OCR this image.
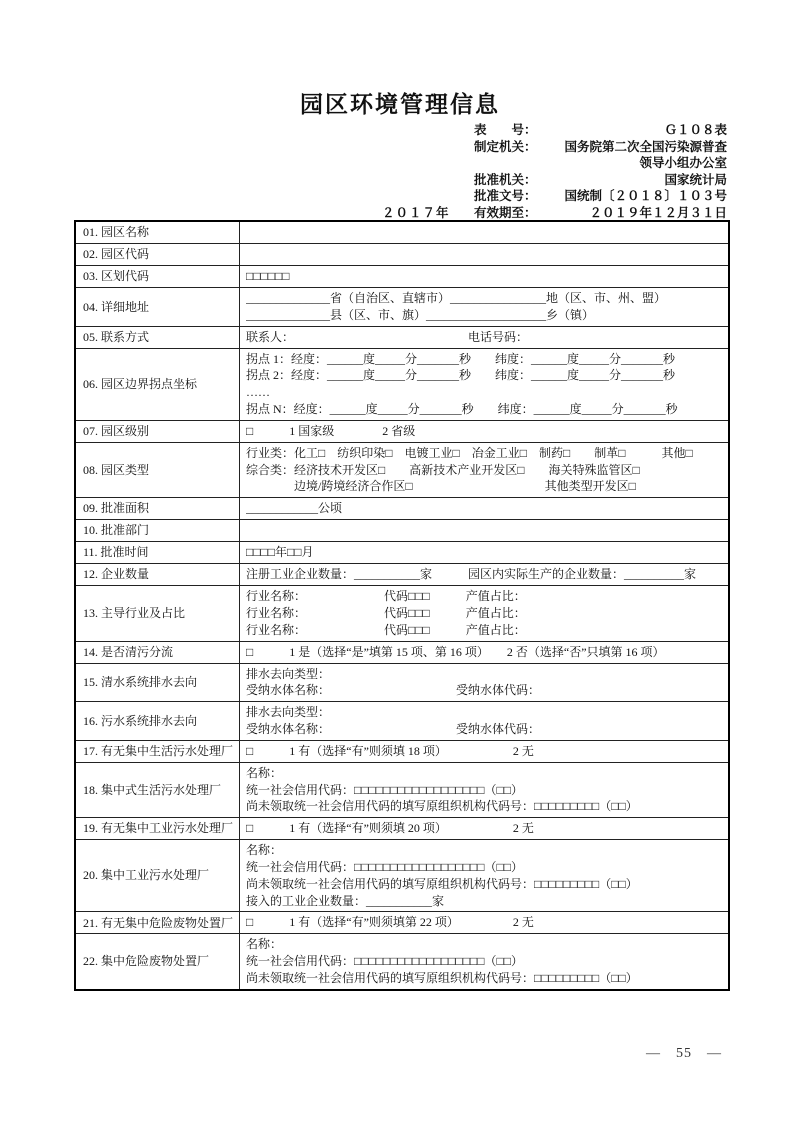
园区环境管理信息
表　　号：	Ｇ１０８表
制定机关：	国务院第二次全国污染源普查
领导小组办公室
批准机关：	国家统计局
批准文号：	国统制〔２０１８〕１０３号
２０１７年	有效期至：	２０１９年１２月３１日
01. 园区名称

02. 园区代码

03. 区划代码	□□□□□□
04. 详细地址
______________省（自治区、直辖市）________________地（区、市、州、盟）
______________县（区、市、旗）____________________乡（镇）
05. 联系方式	联系人：　　　　　　　　　　　　　　　电话号码：
06. 园区边界拐点坐标
拐点 1：经度：______度_____分_______秒　　纬度：______度_____分_______秒
拐点 2：经度：______度_____分_______秒　　纬度：______度_____分_______秒
……
拐点 N：经度：______度_____分_______秒　　纬度：______度_____分_______秒
07. 园区级别	□　　　1 国家级　　　　2 省级
08. 园区类型
行业类：化工□　纺织印染□　电镀工业□　冶金工业□　制药□　　制革□　　　其他□
综合类：经济技术开发区□　　高新技术产业开发区□　　海关特殊监管区□
　　　　边境/跨境经济合作区□　　　　　　　　　　　其他类型开发区□
09. 批准面积	____________公顷
10. 批准部门

11. 批准时间	□□□□年□□月
12. 企业数量	注册工业企业数量：___________家　　　园区内实际生产的企业数量：__________家
13. 主导行业及占比
行业名称：　　　　　　　代码□□□　　　产值占比：
行业名称：　　　　　　　代码□□□　　　产值占比：
行业名称：　　　　　　　代码□□□　　　产值占比：
14. 是否清污分流	□　　　1 是（选择“是”填第 15 项、第 16 项）　　2 否（选择“否”只填第 16 项）
15. 清水系统排水去向
排水去向类型：
受纳水体名称：　　　　　　　　　　　受纳水体代码：
16. 污水系统排水去向
排水去向类型：
受纳水体名称：　　　　　　　　　　　受纳水体代码：
17. 有无集中生活污水处理厂	□　　　1 有（选择“有”则须填 18 项）　　　　　　2 无
18. 集中式生活污水处理厂
名称：
统一社会信用代码：□□□□□□□□□□□□□□□□□□（□□）
尚未领取统一社会信用代码的填写原组织机构代码号：□□□□□□□□□（□□）
19. 有无集中工业污水处理厂	□　　　1 有（选择“有”则须填 20 项）　　　　　　2 无
20. 集中工业污水处理厂
名称：
统一社会信用代码：□□□□□□□□□□□□□□□□□□（□□）
尚未领取统一社会信用代码的填写原组织机构代码号：□□□□□□□□□（□□）
接入的工业企业数量：___________家
21. 有无集中危险废物处置厂	□　　　1 有（选择“有”则须填第 22 项）　　　　　2 无
22. 集中危险废物处置厂
名称：
统一社会信用代码：□□□□□□□□□□□□□□□□□□（□□）
尚未领取统一社会信用代码的填写原组织机构代码号：□□□□□□□□□（□□）
—　55　—
